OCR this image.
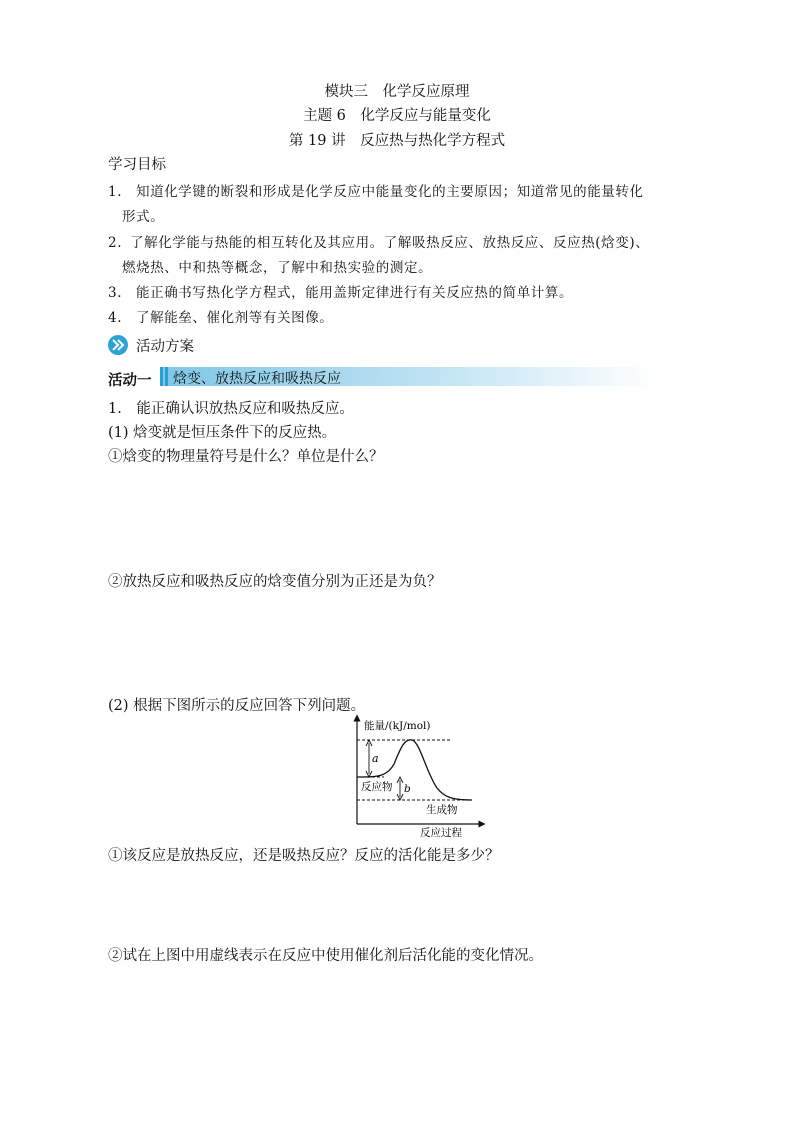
模块三　化学反应原理
主题 6　化学反应与能量变化
第 19 讲　反应热与热化学方程式
学习目标
1. 知道化学键的断裂和形成是化学反应中能量变化的主要原因；知道常见的能量转化
形式。
2. 了解化学能与热能的相互转化及其应用。了解吸热反应、放热反应、反应热(焓变)、
燃烧热、中和热等概念，了解中和热实验的测定。
3. 能正确书写热化学方程式，能用盖斯定律进行有关反应热的简单计算。
4. 了解能垒、催化剂等有关图像。
活动方案
活动一 焓变、放热反应和吸热反应
1.　能正确认识放热反应和吸热反应。
(1) 焓变就是恒压条件下的反应热。
①焓变的物理量符号是什么？单位是什么？
②放热反应和吸热反应的焓变值分别为正还是为负？
(2) 根据下图所示的反应回答下列问题。
能量/(kJ/mol)
a
反应物 b
生成物
反应过程
①该反应是放热反应，还是吸热反应？反应的活化能是多少？
②试在上图中用虚线表示在反应中使用催化剂后活化能的变化情况。
